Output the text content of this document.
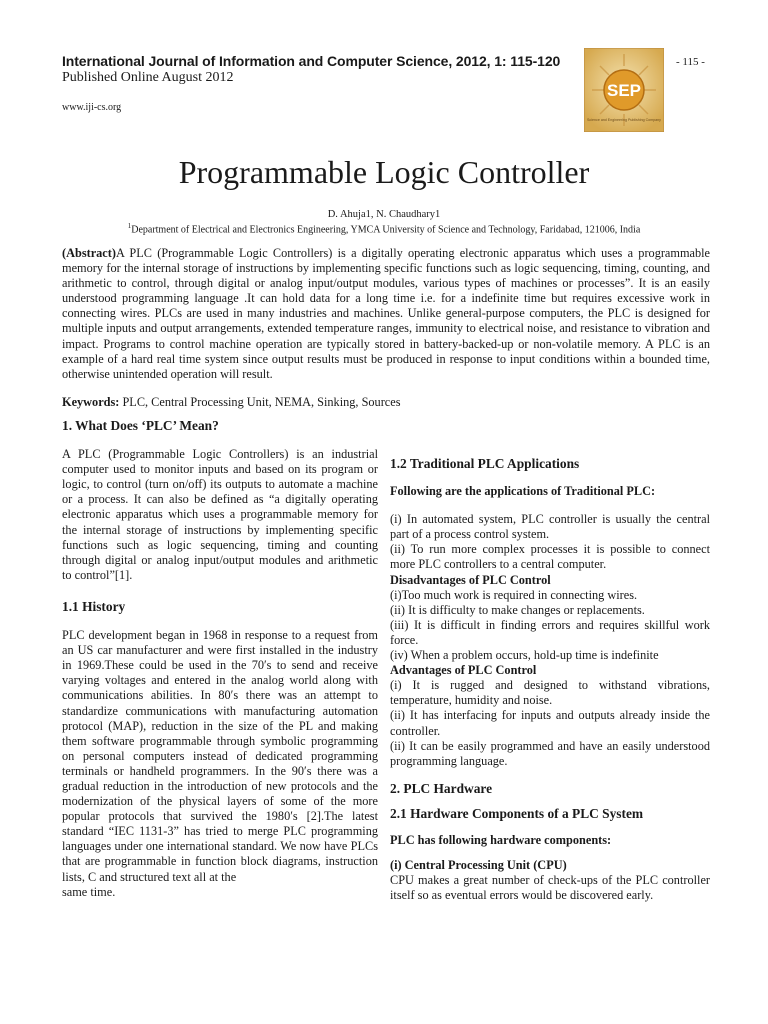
International Journal of Information and Computer Science, 2012, 1: 115-120
Published Online August 2012
www.iji-cs.org
- 115 -
SEP
Science and Engineering Publishing Company
Programmable Logic Controller
D. Ahuja1, N. Chaudhary1
$^1$Department of Electrical and Electronics Engineering, YMCA University of Science and Technology, Faridabad, 121006, India
(Abstract)A PLC (Programmable Logic Controllers) is a digitally operating electronic apparatus which uses a programmable memory for the internal storage of instructions by implementing specific functions such as logic sequencing, timing, counting, and arithmetic to control, through digital or analog input/output modules, various types of machines or processes”. It is an easily understood programming language .It can hold data for a long time i.e. for a indefinite time but requires excessive work in connecting wires. PLCs are used in many industries and machines. Unlike general-purpose computers, the PLC is designed for multiple inputs and output arrangements, extended temperature ranges, immunity to electrical noise, and resistance to vibration and impact. Programs to control machine operation are typically stored in battery-backed-up or non-volatile memory. A PLC is an example of a hard real time system since output results must be produced in response to input conditions within a bounded time, otherwise unintended operation will result.
Keywords: PLC, Central Processing Unit, NEMA, Sinking, Sources
1. What Does ‘PLC’ Mean?

A PLC (Programmable Logic Controllers) is an industrial computer used to monitor inputs and based on its program or logic, to control (turn on/off) its outputs to automate a machine or a process. It can also be defined as “a digitally operating electronic apparatus which uses a programmable memory for the internal storage of instructions by implementing specific functions such as logic sequencing, timing and counting through digital or analog input/output modules and arithmetic to control”[1].

1.1 History

PLC development began in 1968 in response to a request from an US car manufacturer and were first installed in the industry in 1969.These could be used in the 70′s to send and receive varying voltages and entered in the analog world along with communications abilities. In 80′s there was an attempt to standardize communications with manufacturing automation protocol (MAP), reduction in the size of the PL and making them software programmable through symbolic programming on personal computers instead of dedicated programming terminals or handheld programmers. In the 90′s there was a gradual reduction in the introduction of new protocols and the modernization of the physical layers of some of the more popular protocols that survived the 1980′s [2].The latest standard “IEC 1131-3” has tried to merge PLC programming languages under one international standard. We now have PLCs that are programmable in function block diagrams, instruction lists, C and structured text all at the

same time.

1.2 Traditional PLC Applications

Following are the applications of Traditional PLC:

(i) In automated system, PLC controller is usually the central part of a process control system.

(ii) To run more complex processes it is possible to connect more PLC controllers to a central computer.

Disadvantages of PLC Control

(i)Too much work is required in connecting wires.

(ii) It is difficulty to make changes or replacements.

(iii) It is difficult in finding errors and requires skillful work force.

(iv) When a problem occurs, hold-up time is indefinite

Advantages of PLC Control

(i) It is rugged and designed to withstand vibrations, temperature, humidity and noise.

(ii) It has interfacing for inputs and outputs already inside the controller.

(ii) It can be easily programmed and have an easily understood programming language.

2. PLC Hardware
2.1 Hardware Components of a PLC System

PLC has following hardware components:

(i) Central Processing Unit (CPU)

CPU makes a great number of check-ups of the PLC controller itself so as eventual errors would be discovered early.
